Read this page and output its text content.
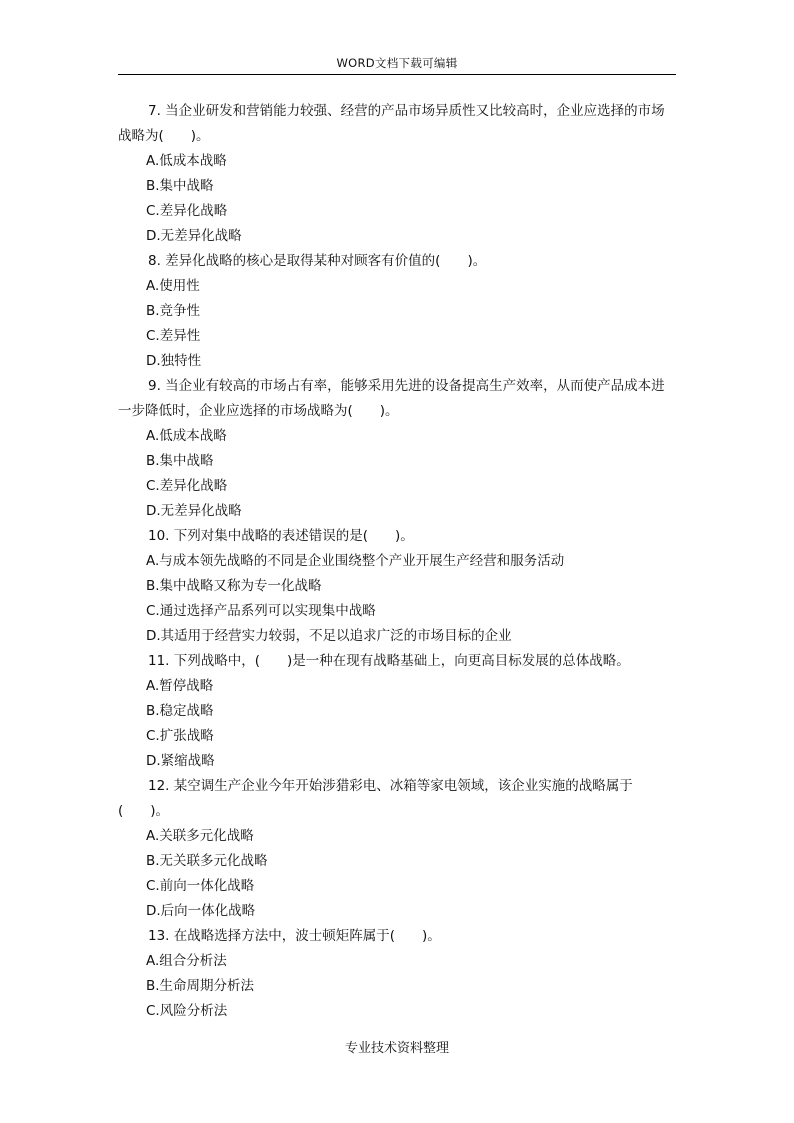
WORD文档下载可编辑
7. 当企业研发和营销能力较强、经营的产品市场异质性又比较高时，企业应选择的市场战略为(　　)。
A.低成本战略
B.集中战略
C.差异化战略
D.无差异化战略
8. 差异化战略的核心是取得某种对顾客有价值的(　　)。
A.使用性
B.竞争性
C.差异性
D.独特性
9. 当企业有较高的市场占有率，能够采用先进的设备提高生产效率，从而使产品成本进一步降低时，企业应选择的市场战略为(　　)。
A.低成本战略
B.集中战略
C.差异化战略
D.无差异化战略
10. 下列对集中战略的表述错误的是(　　)。
A.与成本领先战略的不同是企业围绕整个产业开展生产经营和服务活动
B.集中战略又称为专一化战略
C.通过选择产品系列可以实现集中战略
D.其适用于经营实力较弱，不足以追求广泛的市场目标的企业
11. 下列战略中，(　　)是一种在现有战略基础上，向更高目标发展的总体战略。
A.暂停战略
B.稳定战略
C.扩张战略
D.紧缩战略
12. 某空调生产企业今年开始涉猎彩电、冰箱等家电领域，该企业实施的战略属于(　　)。
A.关联多元化战略
B.无关联多元化战略
C.前向一体化战略
D.后向一体化战略
13. 在战略选择方法中，波士顿矩阵属于(　　)。
A.组合分析法
B.生命周期分析法
C.风险分析法
专业技术资料整理
